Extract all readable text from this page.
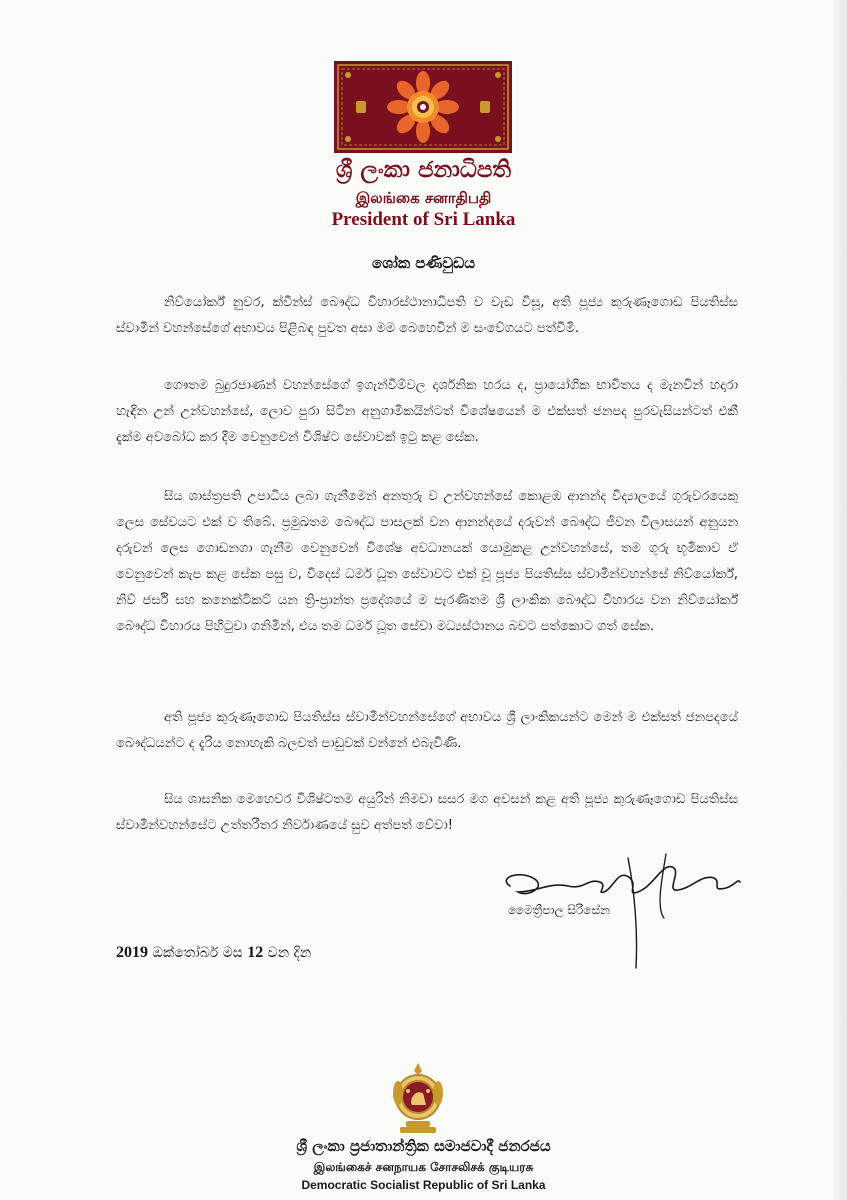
ශ්‍රී ලංකා ජනාධිපති
இலங்கை சனாதிபதி
President of Sri Lanka
ශෝක පණිවුඩය

නිව්යෝර්ක් නුවර, ක්වීන්ස් බෞද්ධ විහාරස්ථානාධිපති ව වැඩ විසූ, අති පූජ්‍ය කුරුණෑගොඩ පියතිස්ස ස්වාමීන් වහන්සේගේ අභාවය පිළිබඳ පුවත අසා මම බෙහෙවින් ම සංවේගයට පත්වීමි.

ගෞතම බුදුරජාණන් වහන්සේගේ ඉගැන්වීම්වල දාර්ශනික හරය ද, ප්‍රායෝගික භාවිතය ද මැනවින් හදාරා හැඳින උන් උන්වහන්සේ, ලොව පුරා සිටින අනුගාමිකයින්ටත් විශේෂයෙන් ම එක්සත් ජනපද පුරවැසියන්ටත් එකී දැක්ම අවබෝධ කර දීම වෙනුවෙන් විශිෂ්ට සේවාවක් ඉටු කළ සේක.

සිය ශාස්ත්‍රපති උපාධිය ලබා ගැනීමෙන් අනතුරු ව උන්වහන්සේ කොළඹ ආනන්ද විද්‍යාලයේ ගුරුවරයෙකු ලෙස සේවයට එක් ව තිබේ. ප්‍රමුඛතම බෞද්ධ පාසලක් වන ආනන්දයේ දරුවන් බෞද්ධ ජීවන විලාසයන් අනුයන දරුවන් ලෙස ගොඩනගා ගැනීම වෙනුවෙන් විශේෂ අවධානයක් යොමුකළ උන්වහන්සේ, තම ගුරු භූමිකාව ඒ වෙනුවෙන් කැප කළ සේක පසු ව, විදෙස් ධර්ම ධූත සේවාවට එක් වූ පූජ්‍ය පියතිස්ස ස්වාමීන්වහන්සේ නිව්යෝර්ක්, නිව් ජර්සි සහ කනෙක්ටිකට් යන ත්‍රි-ප්‍රාන්ත ප්‍රදේශයේ ම පැරණිතම ශ්‍රී ලාංකික බෞද්ධ විහාරය වන නිව්යෝර්ක් බෞද්ධ විහාරය පිහිටුවා ගනිමින්, එය තම ධර්ම ධූත සේවා මධ්‍යස්ථානය බවට පත්කොට ගත් සේක.

අති පූජ්‍ය කුරුණෑගොඩ පියතිස්ස ස්වාමීන්වහන්සේගේ අභාවය ශ්‍රී ලාංකිකයන්ට මෙන් ම එක්සත් ජනපදයේ බෞද්ධයන්ට ද දැරිය නොහැකි බලවත් පාඩුවක් වන්නේ එබැවිණි.

සිය ශාසනික මෙහෙවර විශිෂ්ටතම අයුරින් නිමවා සසර මග අවසන් කළ අති පූජ්‍ය කුරුණෑගොඩ පියතිස්ස ස්වාමීන්වහන්සේට උත්තරීතර නිර්වාණයේ සුව අත්පත් වේවා!

මෛත්‍රීපාල සිරිසේන
2019 ඔක්තෝබර් මස 12 වන දින
ශ්‍රී ලංකා ප්‍රජාතාන්ත්‍රික සමාජවාදී ජනරජය
இலங்கைச் சனநாயக சோசலிசக் குடியரசு
Democratic Socialist Republic of Sri Lanka
